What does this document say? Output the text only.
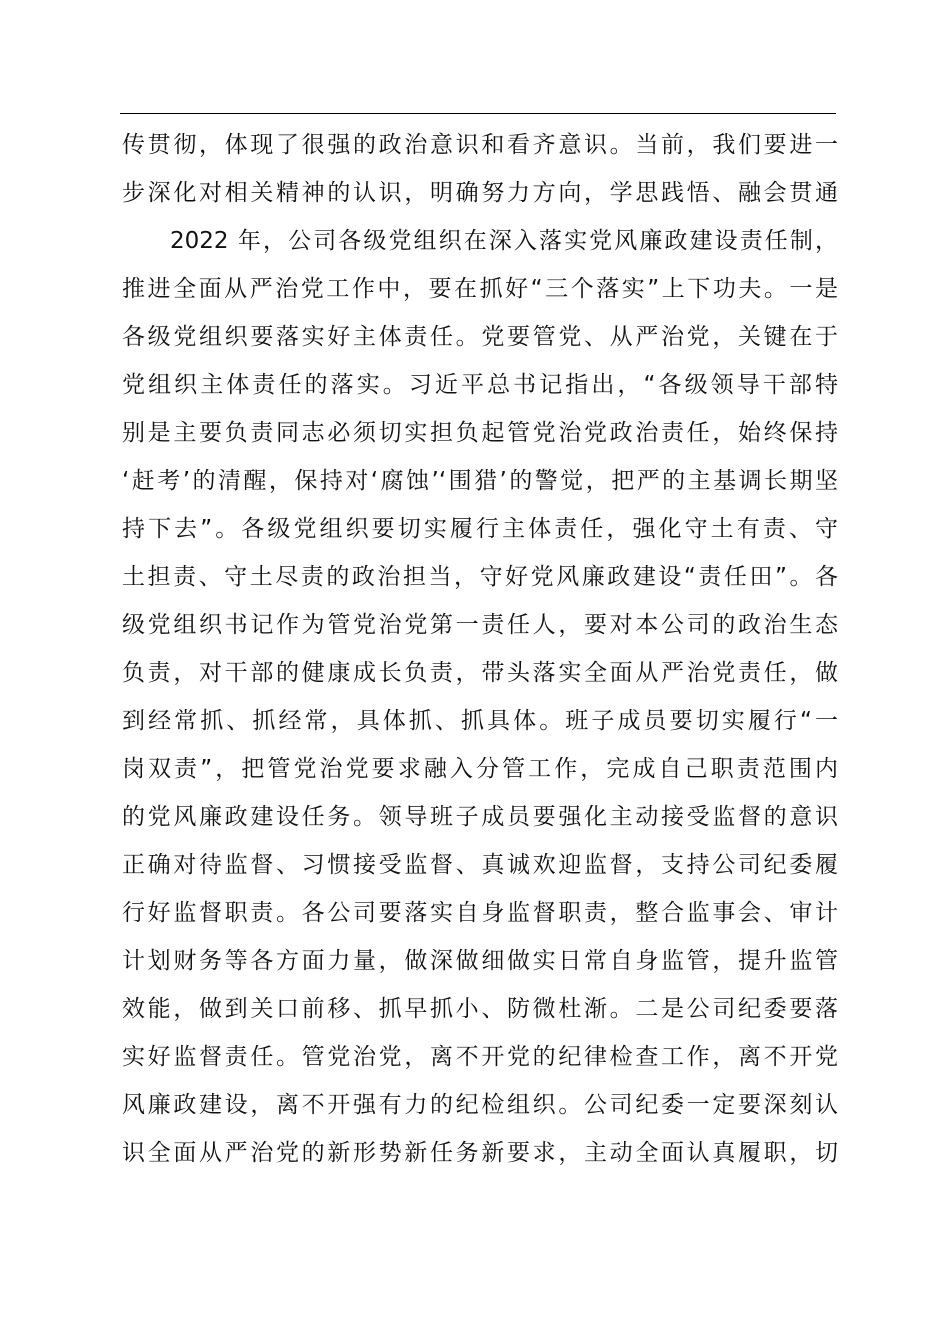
传贯彻，体现了很强的政治意识和看齐意识。当前，我们要进一
步深化对相关精神的认识，明确努力方向，学思践悟、融会贯通
2022 年，公司各级党组织在深入落实党风廉政建设责任制，
推进全面从严治党工作中，要在抓好“三个落实”上下功夫。一是
各级党组织要落实好主体责任。党要管党、从严治党，关键在于
党组织主体责任的落实。习近平总书记指出，“各级领导干部特
别是主要负责同志必须切实担负起管党治党政治责任，始终保持
‘赶考’的清醒，保持对‘腐蚀’‘围猎’的警觉，把严的主基调长期坚
持下去”。各级党组织要切实履行主体责任，强化守土有责、守
土担责、守土尽责的政治担当，守好党风廉政建设“责任田”。各
级党组织书记作为管党治党第一责任人，要对本公司的政治生态
负责，对干部的健康成长负责，带头落实全面从严治党责任，做
到经常抓、抓经常，具体抓、抓具体。班子成员要切实履行“一
岗双责”，把管党治党要求融入分管工作，完成自己职责范围内
的党风廉政建设任务。领导班子成员要强化主动接受监督的意识
正确对待监督、习惯接受监督、真诚欢迎监督，支持公司纪委履
行好监督职责。各公司要落实自身监督职责，整合监事会、审计
计划财务等各方面力量，做深做细做实日常自身监管，提升监管
效能，做到关口前移、抓早抓小、防微杜渐。二是公司纪委要落
实好监督责任。管党治党，离不开党的纪律检查工作，离不开党
风廉政建设，离不开强有力的纪检组织。公司纪委一定要深刻认
识全面从严治党的新形势新任务新要求，主动全面认真履职，切
